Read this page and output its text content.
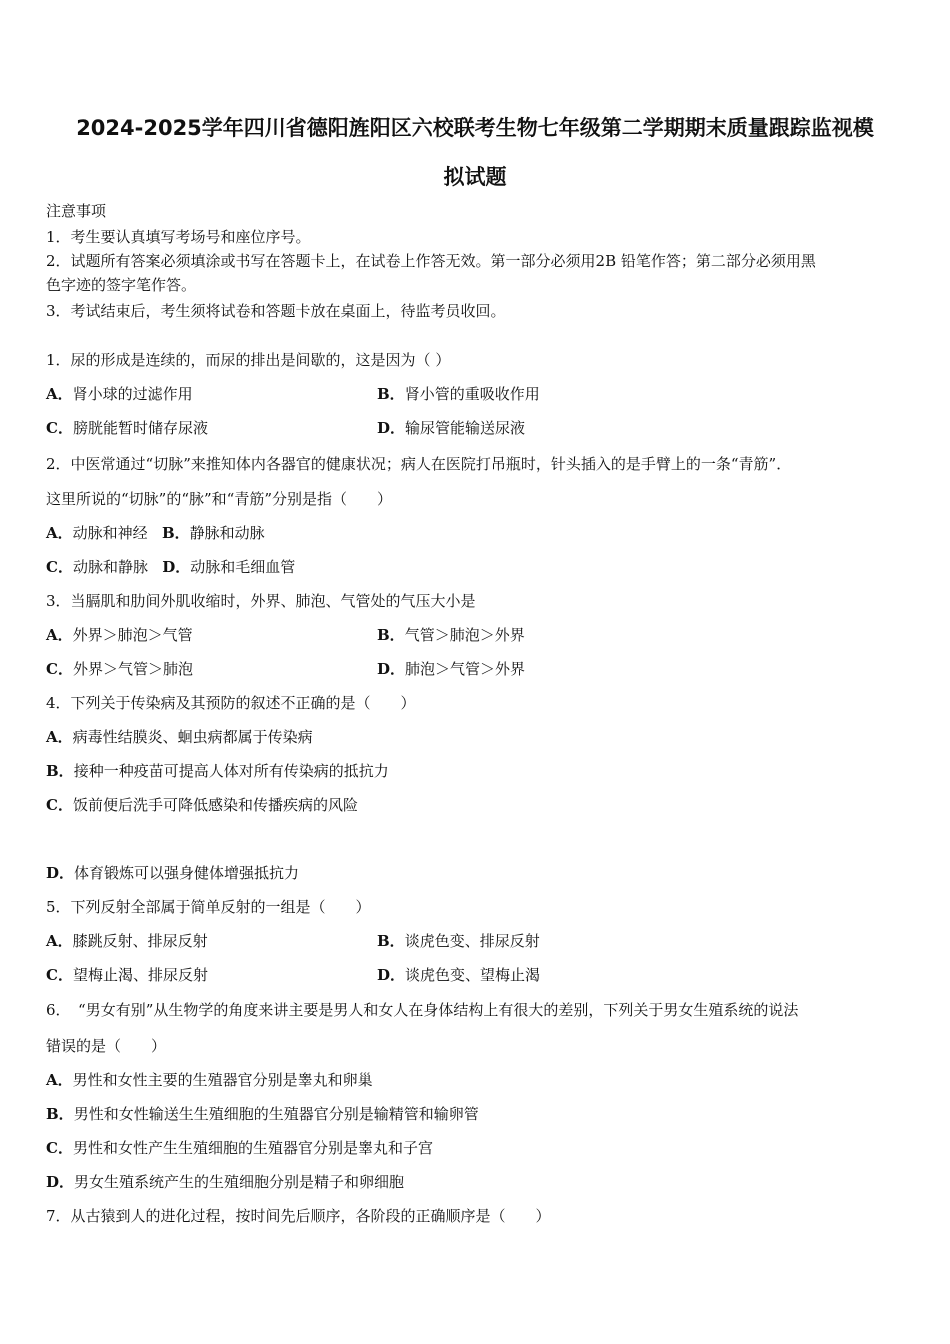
2024-2025学年四川省德阳旌阳区六校联考生物七年级第二学期期末质量跟踪监视模
拟试题
注意事项
1．考生要认真填写考场号和座位序号。
2．试题所有答案必须填涂或书写在答题卡上，在试卷上作答无效。第一部分必须用2B 铅笔作答；第二部分必须用黑
色字迹的签字笔作答。
3．考试结束后，考生须将试卷和答题卡放在桌面上，待监考员收回。
1．尿的形成是连续的，而尿的排出是间歇的，这是因为（ ）
A．肾小球的过滤作用	B．肾小管的重吸收作用
C．膀胱能暂时储存尿液	D．输尿管能输送尿液
2．中医常通过“切脉”来推知体内各器官的健康状况；病人在医院打吊瓶时，针头插入的是手臂上的一条“青筋”．
这里所说的“切脉”的“脉”和“青筋”分别是指（　　）
A．动脉和神经 B．静脉和动脉
C．动脉和静脉 D．动脉和毛细血管
3．当膈肌和肋间外肌收缩时，外界、肺泡、气管处的气压大小是
A．外界＞肺泡＞气管	B．气管＞肺泡＞外界
C．外界＞气管＞肺泡	D．肺泡＞气管＞外界
4．下列关于传染病及其预防的叙述不正确的是（　　）
A．病毒性结膜炎、蛔虫病都属于传染病
B．接种一种疫苗可提高人体对所有传染病的抵抗力
C．饭前便后洗手可降低感染和传播疾病的风险
D．体育锻炼可以强身健体增强抵抗力
5．下列反射全部属于简单反射的一组是（　　）
A．膝跳反射、排尿反射	B．谈虎色变、排尿反射
C．望梅止渴、排尿反射	D．谈虎色变、望梅止渴
6．　“男女有别”从生物学的角度来讲主要是男人和女人在身体结构上有很大的差别，下列关于男女生殖系统的说法
错误的是（　　）
A．男性和女性主要的生殖器官分别是睾丸和卵巢
B．男性和女性输送生生殖细胞的生殖器官分别是输精管和输卵管
C．男性和女性产生生殖细胞的生殖器官分别是睾丸和子宫
D．男女生殖系统产生的生殖细胞分别是精子和卵细胞
7．从古猿到人的进化过程，按时间先后顺序，各阶段的正确顺序是（　　）
